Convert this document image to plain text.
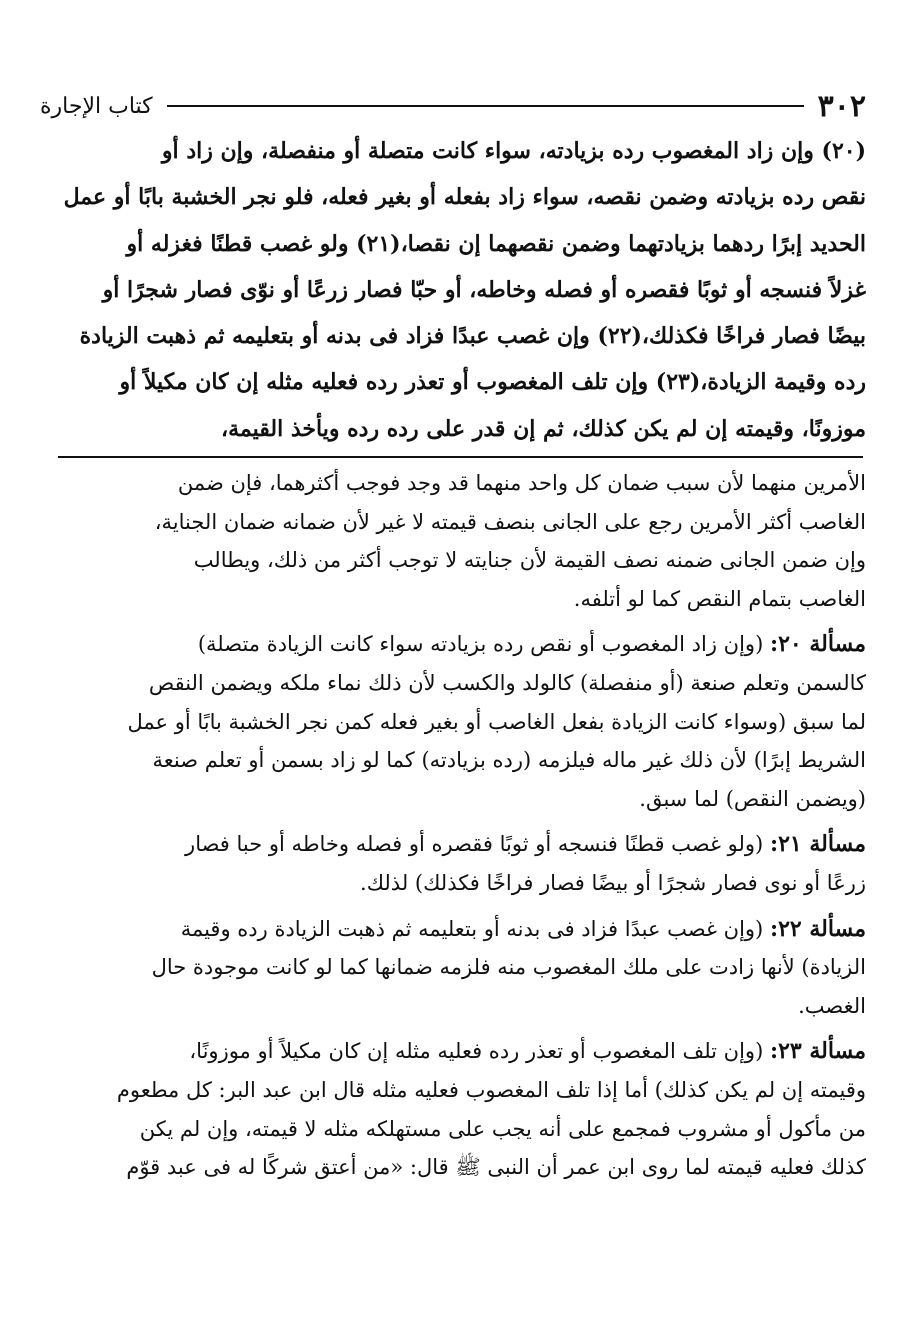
٣٠٢
كتاب الإجارة

(٢٠) وإن زاد المغصوب رده بزيادته، سواء كانت متصلة أو منفصلة، وإن زاد أو

نقص رده بزيادته وضمن نقصه، سواء زاد بفعله أو بغير فعله، فلو نجر الخشبة بابًا أو عمل

الحديد إبرًا ردهما بزيادتهما وضمن نقصهما إن نقصا،(٢١) ولو غصب قطنًا فغزله أو

غزلاً فنسجه أو ثوبًا فقصره أو فصله وخاطه، أو حبّا فصار زرعًا أو نوّى فصار شجرًا أو

بيضًا فصار فراخًا فكذلك،(٢٢) وإن غصب عبدًا فزاد فى بدنه أو بتعليمه ثم ذهبت الزيادة

رده وقيمة الزيادة،(٢٣) وإن تلف المغصوب أو تعذر رده فعليه مثله إن كان مكيلاً أو

موزونًا، وقيمته إن لم يكن كذلك، ثم إن قدر على رده رده ويأخذ القيمة،

الأمرين منهما لأن سبب ضمان كل واحد منهما قد وجد فوجب أكثرهما، فإن ضمن

الغاصب أكثر الأمرين رجع على الجانى بنصف قيمته لا غير لأن ضمانه ضمان الجناية،

وإن ضمن الجانى ضمنه نصف القيمة لأن جنايته لا توجب أكثر من ذلك، ويطالب

الغاصب بتمام النقص كما لو أتلفه.

مسألة ٢٠: (وإن زاد المغصوب أو نقص رده بزيادته سواء كانت الزيادة متصلة)

كالسمن وتعلم صنعة (أو منفصلة) كالولد والكسب لأن ذلك نماء ملكه ويضمن النقص

لما سبق (وسواء كانت الزيادة بفعل الغاصب أو بغير فعله كمن نجر الخشبة بابًا أو عمل

الشريط إبرًا) لأن ذلك غير ماله فيلزمه (رده بزيادته) كما لو زاد بسمن أو تعلم صنعة

(ويضمن النقص) لما سبق.

مسألة ٢١: (ولو غصب قطنًا فنسجه أو ثوبًا فقصره أو فصله وخاطه أو حبا فصار

زرعًا أو نوى فصار شجرًا أو بيضًا فصار فراخًا فكذلك) لذلك.

مسألة ٢٢: (وإن غصب عبدًا فزاد فى بدنه أو بتعليمه ثم ذهبت الزيادة رده وقيمة

الزيادة) لأنها زادت على ملك المغصوب منه فلزمه ضمانها كما لو كانت موجودة حال

الغصب.

مسألة ٢٣: (وإن تلف المغصوب أو تعذر رده فعليه مثله إن كان مكيلاً أو موزونًا،

وقيمته إن لم يكن كذلك) أما إذا تلف المغصوب فعليه مثله قال ابن عبد البر: كل مطعوم

من مأكول أو مشروب فمجمع على أنه يجب على مستهلكه مثله لا قيمته، وإن لم يكن

كذلك فعليه قيمته لما روى ابن عمر أن النبى ﷺ قال: «من أعتق شركًا له فى عبد قوّم
